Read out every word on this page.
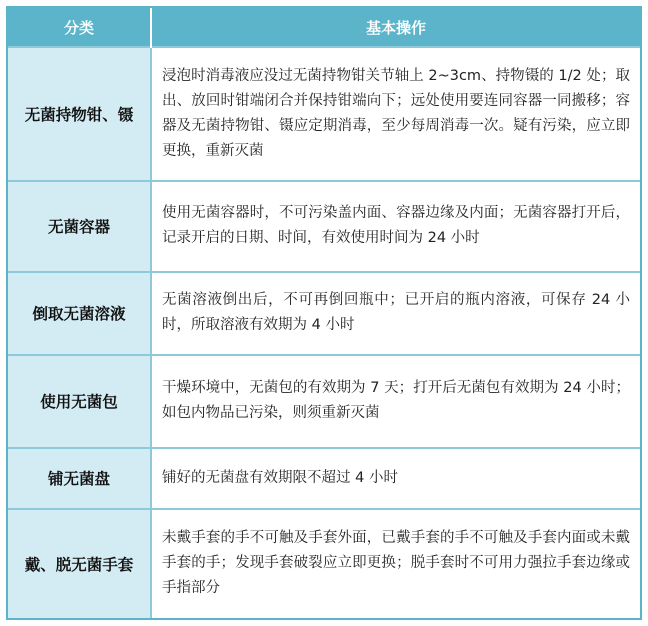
分类	基本操作
无菌持物钳、镊	浸泡时消毒液应没过无菌持物钳关节轴上 2~3cm、持物镊的 1/2 处；取出、放回时钳端闭合并保持钳端向下；远处使用要连同容器一同搬移；容器及无菌持物钳、镊应定期消毒，至少每周消毒一次。疑有污染，应立即更换，重新灭菌
无菌容器	使用无菌容器时，不可污染盖内面、容器边缘及内面；无菌容器打开后，记录开启的日期、时间，有效使用时间为 24 小时
倒取无菌溶液	无菌溶液倒出后，不可再倒回瓶中；已开启的瓶内溶液，可保存 24 小时，所取溶液有效期为 4 小时
使用无菌包	干燥环境中，无菌包的有效期为 7 天；打开后无菌包有效期为 24 小时；如包内物品已污染，则须重新灭菌
铺无菌盘	铺好的无菌盘有效期限不超过 4 小时
戴、脱无菌手套	未戴手套的手不可触及手套外面，已戴手套的手不可触及手套内面或未戴手套的手；发现手套破裂应立即更换；脱手套时不可用力强拉手套边缘或手指部分
